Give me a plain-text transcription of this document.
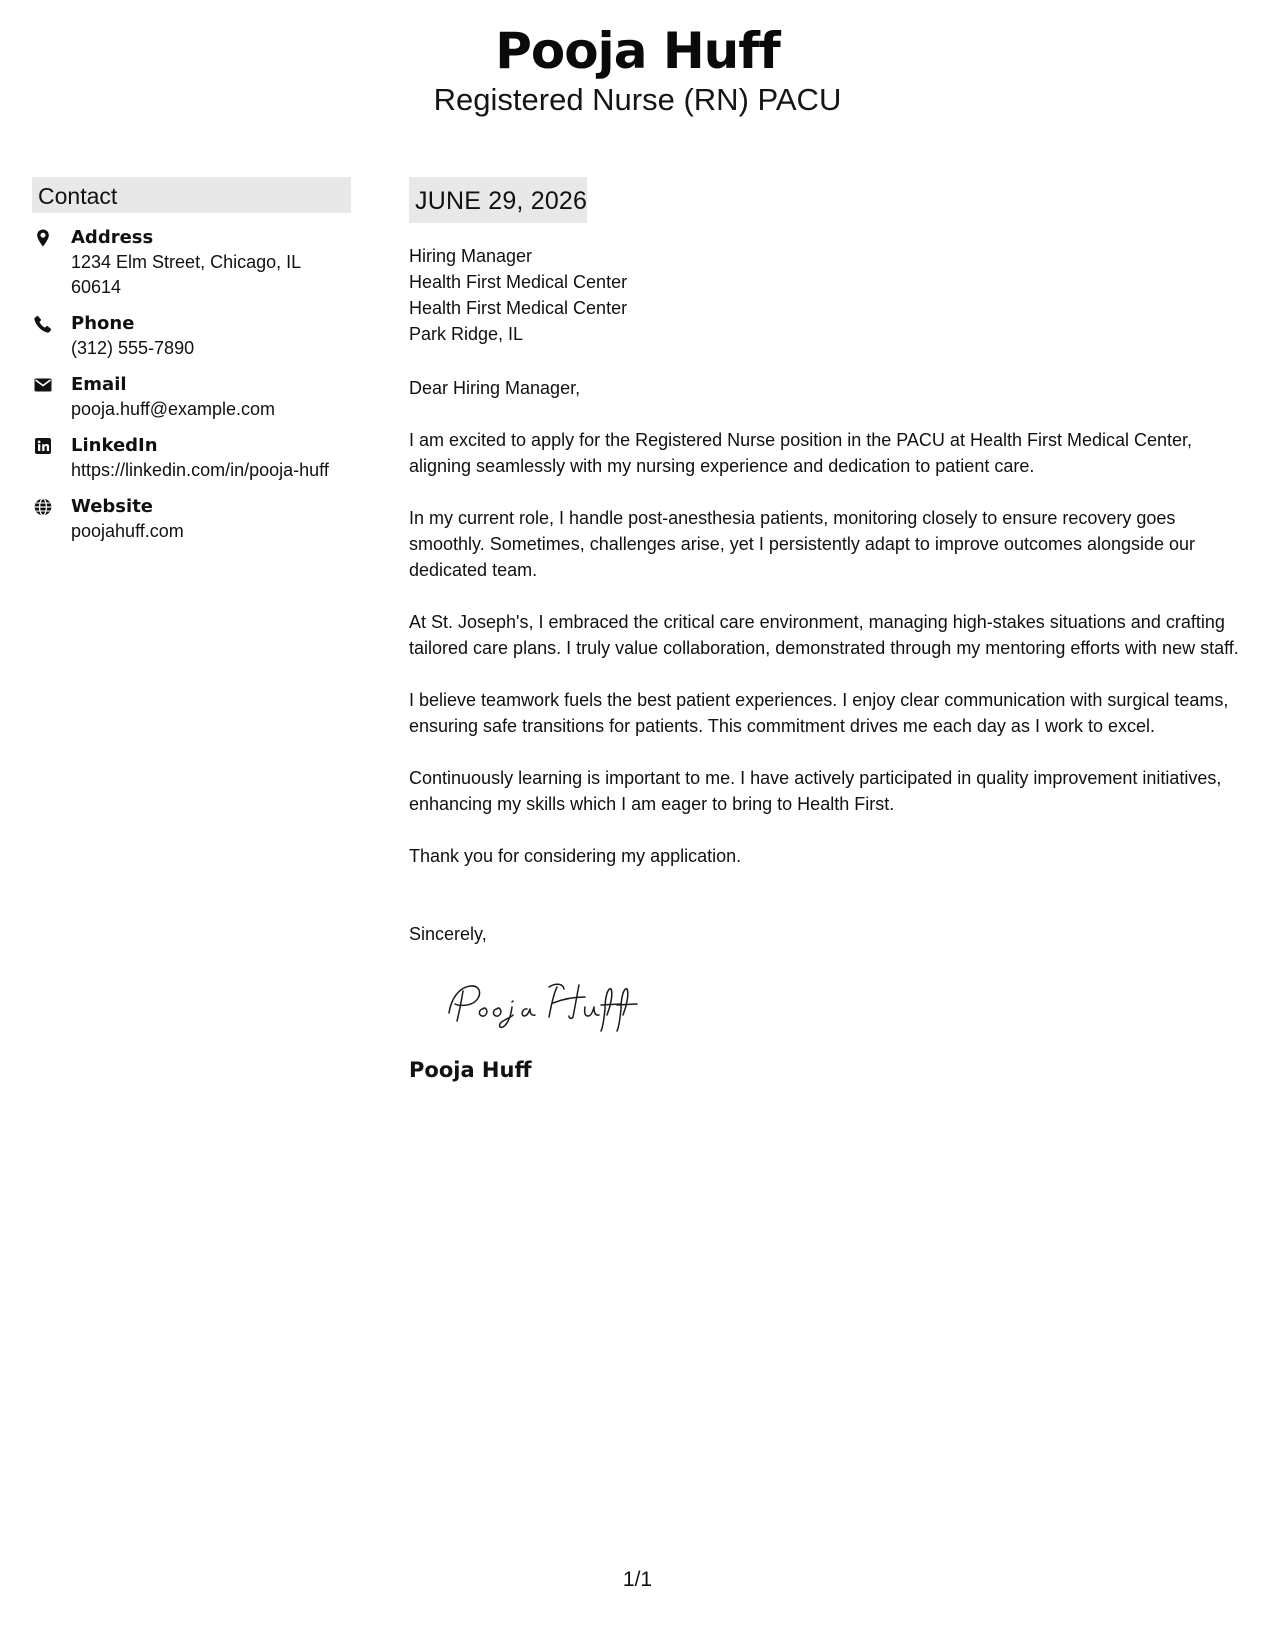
Pooja Huff
Registered Nurse (RN) PACU
Contact
Address
1234 Elm Street, Chicago, IL 60614
Phone
(312) 555-7890
Email
pooja.huff@example.com
LinkedIn
https://linkedin.com/in/pooja-huff
Website
poojahuff.com
JUNE 29, 2026
Hiring Manager
Health First Medical Center
Health First Medical Center
Park Ridge, IL
Dear Hiring Manager,
I am excited to apply for the Registered Nurse position in the PACU at Health First Medical Center, aligning seamlessly with my nursing experience and dedication to patient care.
In my current role, I handle post-anesthesia patients, monitoring closely to ensure recovery goes smoothly. Sometimes, challenges arise, yet I persistently adapt to improve outcomes alongside our dedicated team.
At St. Joseph's, I embraced the critical care environment, managing high-stakes situations and crafting tailored care plans. I truly value collaboration, demonstrated through my mentoring efforts with new staff.
I believe teamwork fuels the best patient experiences. I enjoy clear communication with surgical teams, ensuring safe transitions for patients. This commitment drives me each day as I work to excel.
Continuously learning is important to me. I have actively participated in quality improvement initiatives, enhancing my skills which I am eager to bring to Health First.
Thank you for considering my application.
Sincerely,
Pooja Huff
1/1
